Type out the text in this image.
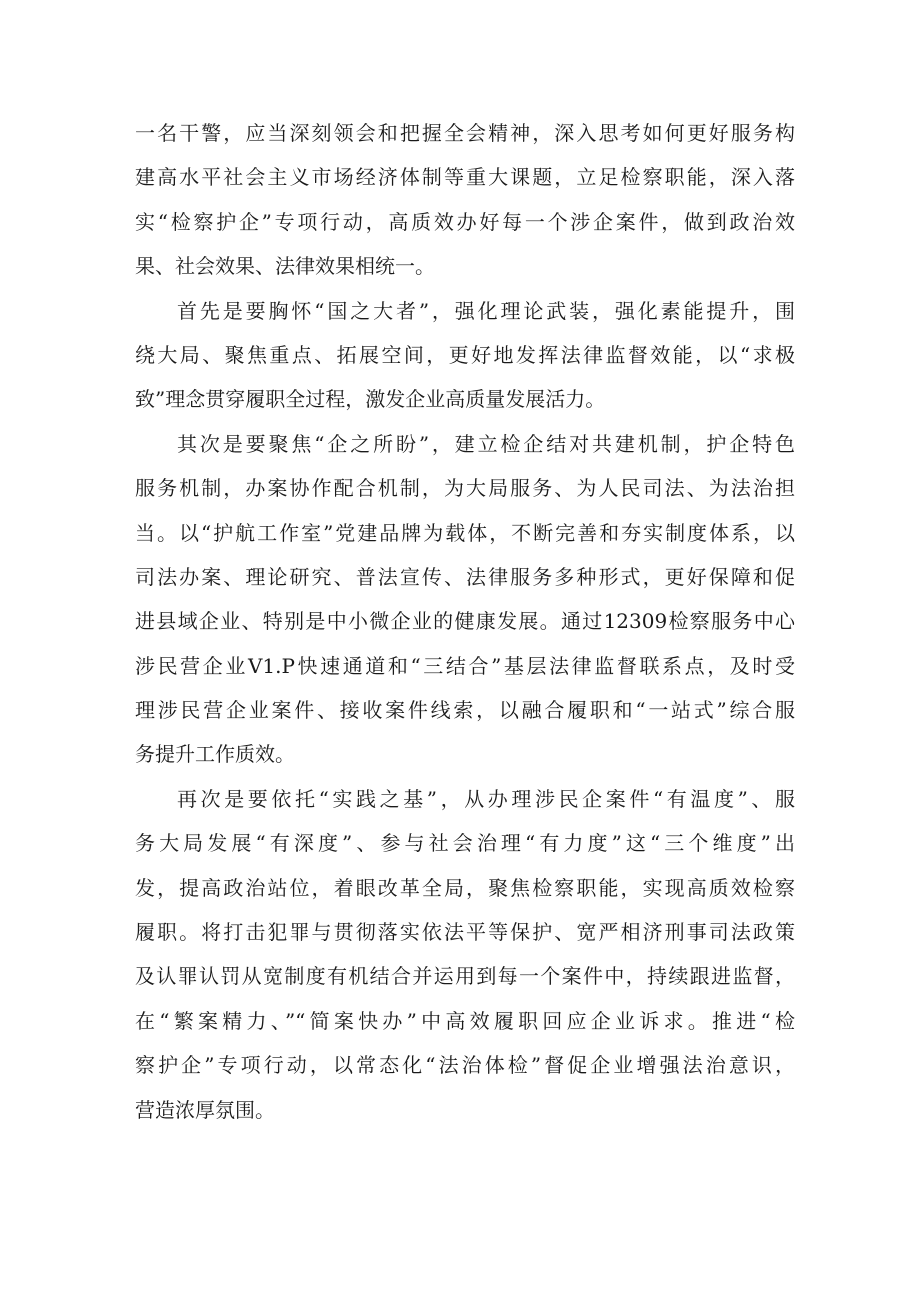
一名干警，应当深刻领会和把握全会精神，深入思考如何更好服务构
建高水平社会主义市场经济体制等重大课题，立足检察职能，深入落
实“检察护企”专项行动，高质效办好每一个涉企案件，做到政治效
果、社会效果、法律效果相统一。
首先是要胸怀“国之大者”，强化理论武装，强化素能提升，围
绕大局、聚焦重点、拓展空间，更好地发挥法律监督效能，以“求极
致”理念贯穿履职全过程，激发企业高质量发展活力。
其次是要聚焦“企之所盼”，建立检企结对共建机制，护企特色
服务机制，办案协作配合机制，为大局服务、为人民司法、为法治担
当。以“护航工作室”党建品牌为载体，不断完善和夯实制度体系，以
司法办案、理论研究、普法宣传、法律服务多种形式，更好保障和促
进县域企业、特别是中小微企业的健康发展。通过12309检察服务中心
涉民营企业V1.P快速通道和“三结合”基层法律监督联系点，及时受
理涉民营企业案件、接收案件线索，以融合履职和“一站式”综合服
务提升工作质效。
再次是要依托“实践之基”，从办理涉民企案件“有温度”、服
务大局发展“有深度”、参与社会治理“有力度”这“三个维度”出
发，提高政治站位，着眼改革全局，聚焦检察职能，实现高质效检察
履职。将打击犯罪与贯彻落实依法平等保护、宽严相济刑事司法政策
及认罪认罚从宽制度有机结合并运用到每一个案件中，持续跟进监督，
在“繁案精力、”“简案快办”中高效履职回应企业诉求。推进“检
察护企”专项行动，以常态化“法治体检”督促企业增强法治意识，
营造浓厚氛围。
